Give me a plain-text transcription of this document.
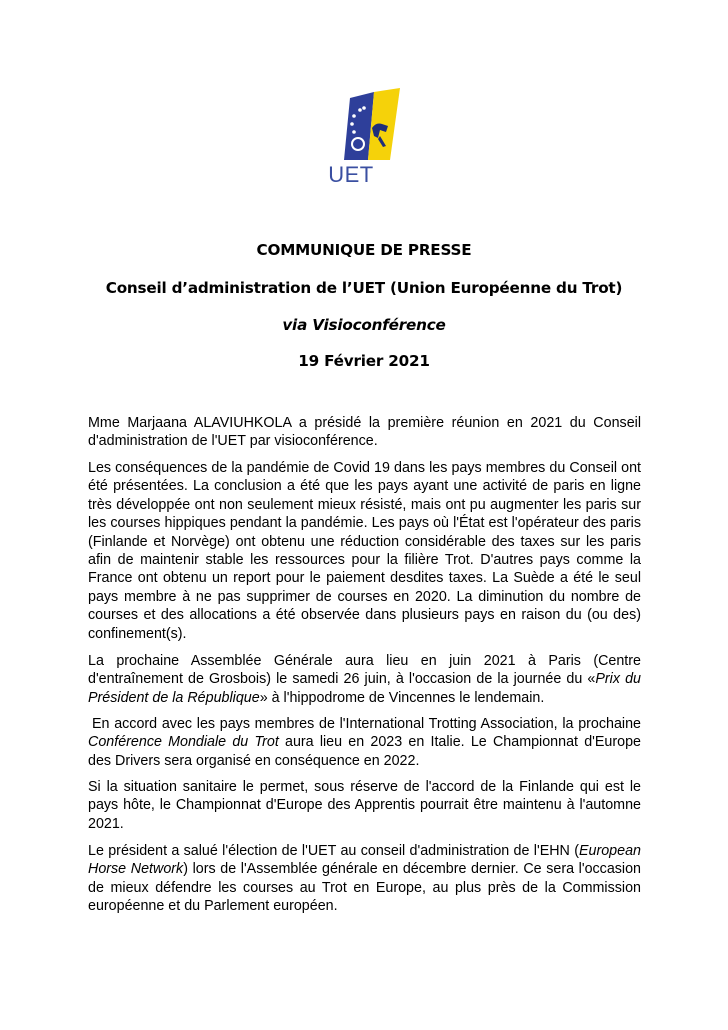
UET
COMMUNIQUE DE PRESSE
Conseil d’administration de l’UET (Union Européenne du Trot)
via Visioconférence
19 Février 2021

Mme Marjaana ALAVIUHKOLA a présidé la première réunion en 2021 du Conseil d'administration de l'UET par visioconférence.

Les conséquences de la pandémie de Covid 19 dans les pays membres du Conseil ont été présentées. La conclusion a été que les pays ayant une activité de paris en ligne très développée ont non seulement mieux résisté, mais ont pu augmenter les paris sur les courses hippiques pendant la pandémie. Les pays où l'État est l'opérateur des paris (Finlande et Norvège) ont obtenu une réduction considérable des taxes sur les paris afin de maintenir stable les ressources pour la filière Trot. D'autres pays comme la France ont obtenu un report pour le paiement desdites taxes. La Suède a été le seul pays membre à ne pas supprimer de courses en 2020. La diminution du nombre de courses et des allocations a été observée dans plusieurs pays en raison du (ou des) confinement(s).

La prochaine Assemblée Générale aura lieu en juin 2021 à Paris (Centre d'entraînement de Grosbois) le samedi 26 juin, à l'occasion de la journée du «Prix du Président de la République» à l'hippodrome de Vincennes le lendemain.

En accord avec les pays membres de l'International Trotting Association, la prochaine Conférence Mondiale du Trot aura lieu en 2023 en Italie. Le Championnat d'Europe des Drivers sera organisé en conséquence en 2022.

Si la situation sanitaire le permet, sous réserve de l'accord de la Finlande qui est le pays hôte, le Championnat d'Europe des Apprentis pourrait être maintenu à l'automne 2021.

Le président a salué l'élection de l'UET au conseil d'administration de l'EHN (European Horse Network) lors de l'Assemblée générale en décembre dernier. Ce sera l'occasion de mieux défendre les courses au Trot en Europe, au plus près de la Commission européenne et du Parlement européen.
